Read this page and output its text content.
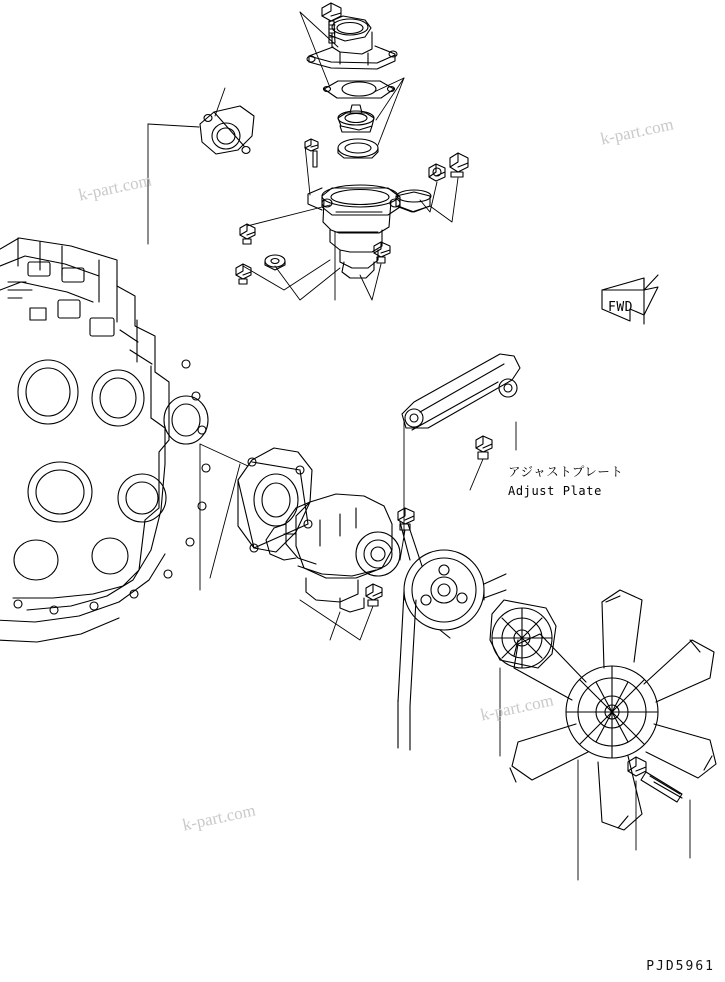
k-part.com
k-part.com
k-part.com
k-part.com
FWD
アジャストプレート
Adjust Plate
PJD5961
